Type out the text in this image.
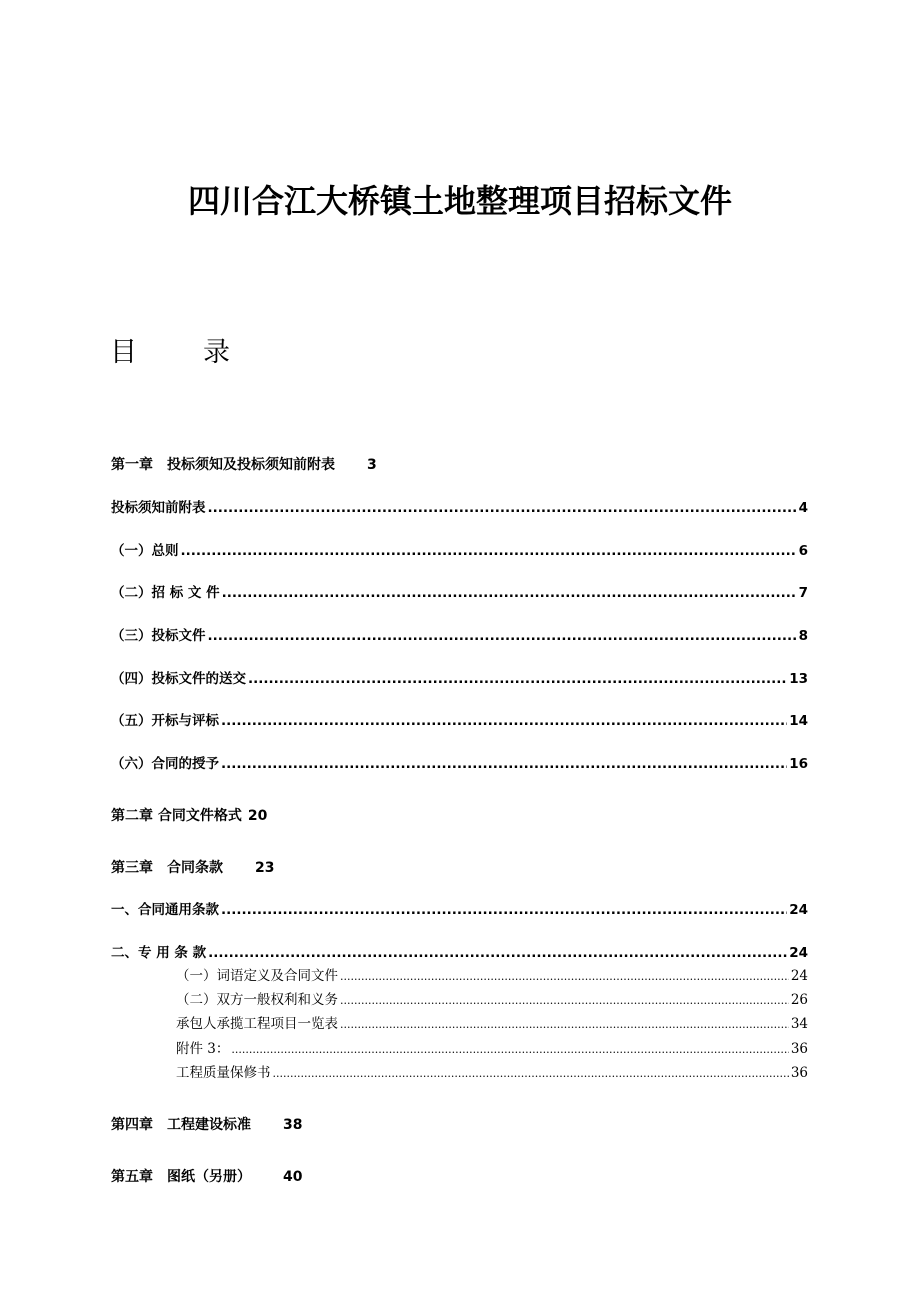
四川合江大桥镇土地整理项目招标文件
目 录
第一章　投标须知及投标须知前附表 3
投标须知前附表 .....	4
（一）总则 .....	6
（二）招 标 文 件 .....	7
（三）投标文件 .....	8
（四）投标文件的送交 .....	13
（五）开标与评标 .....	14
（六）合同的授予 .....	16
第二章 合同文件格式 20
第三章　合同条款 23
一、合同通用条款 .....	24
二、专 用 条 款 .....	24
（一）词语定义及合同文件 .....	24
（二）双方一般权利和义务 .....	26
承包人承揽工程项目一览表 .....	34
附件 3： .....	36
工程质量保修书 .....	36
第四章　工程建设标准 38
第五章　图纸（另册） 40
